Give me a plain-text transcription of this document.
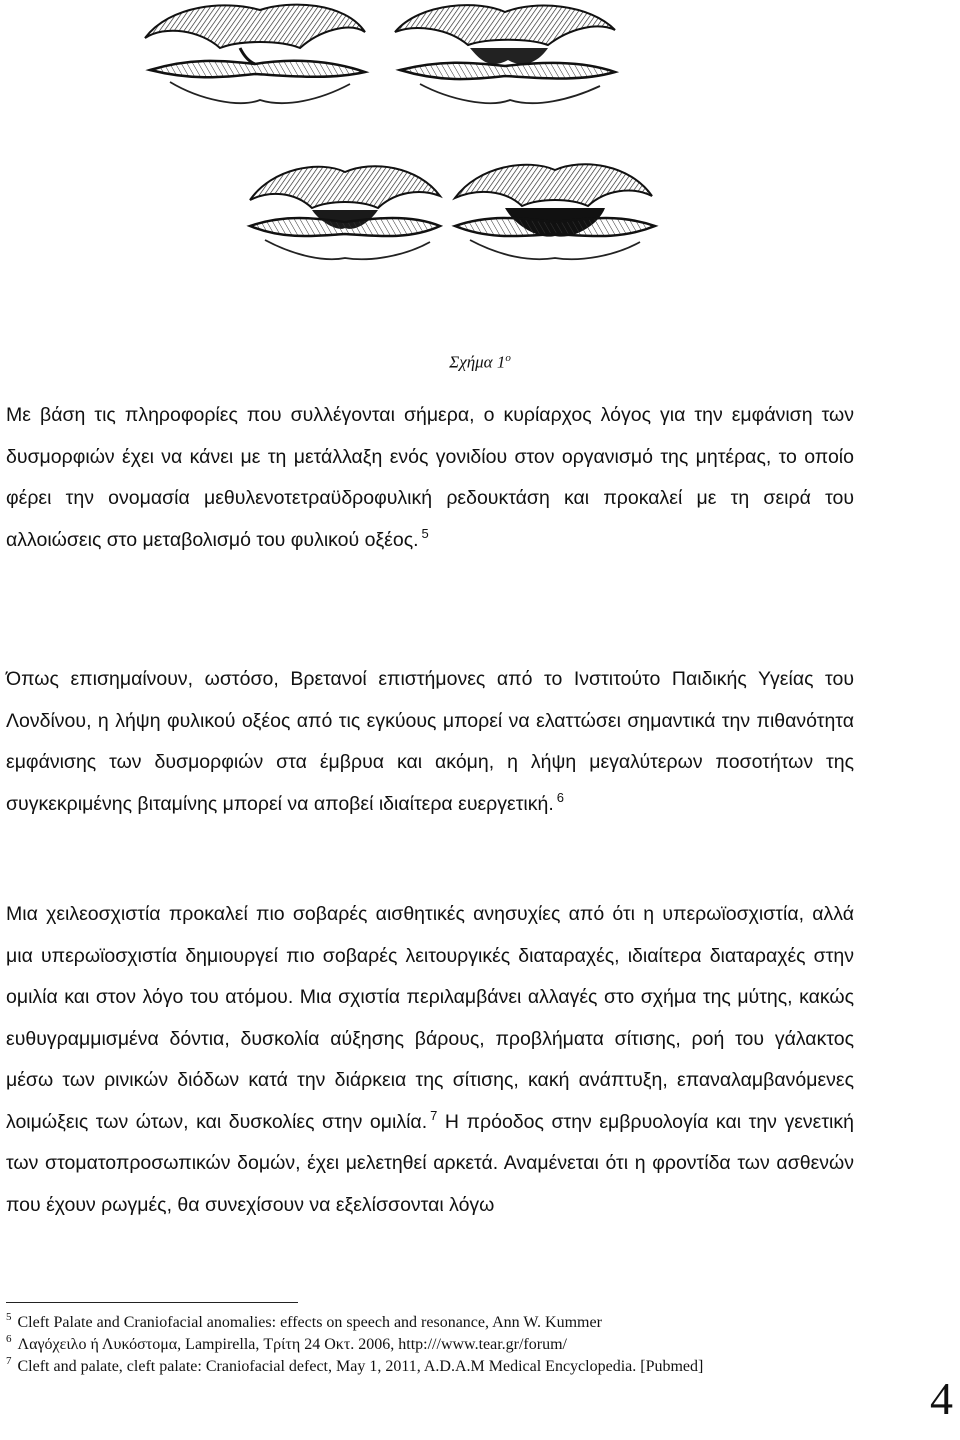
Σχήμα $1^o$

Με βάση τις πληροφορίες που συλλέγονται σήμερα, ο κυρίαρχος λόγος για την εμφάνιση των δυσμορφιών έχει να κάνει με τη μετάλλαξη ενός γονιδίου στον οργανισμό της μητέρας, το οποίο φέρει την ονομασία μεθυλενοτετραϋδροφυλική ρεδουκτάση και προκαλεί με τη σειρά του αλλοιώσεις στο μεταβολισμό του φυλικού οξέος. $^5$

Όπως επισημαίνουν, ωστόσο, Βρετανοί επιστήμονες από το Ινστιτούτο Παιδικής Υγείας του Λονδίνου, η λήψη φυλικού οξέος από τις εγκύους μπορεί να ελαττώσει σημαντικά την πιθανότητα εμφάνισης των δυσμορφιών στα έμβρυα και ακόμη, η λήψη μεγαλύτερων ποσοτήτων της συγκεκριμένης βιταμίνης μπορεί να αποβεί ιδιαίτερα ευεργετική. $^6$

Μια χειλεοσχιστία προκαλεί πιο σοβαρές αισθητικές ανησυχίες από ότι η υπερωϊοσχιστία, αλλά μια υπερωϊοσχιστία δημιουργεί πιο σοβαρές λειτουργικές διαταραχές, ιδιαίτερα διαταραχές στην ομιλία και στον λόγο του ατόμου. Μια σχιστία περιλαμβάνει αλλαγές στο σχήμα της μύτης, κακώς ευθυγραμμισμένα δόντια, δυσκολία αύξησης βάρους, προβλήματα σίτισης, ροή του γάλακτος μέσω των ρινικών διόδων κατά την διάρκεια της σίτισης, κακή ανάπτυξη, επαναλαμβανόμενες λοιμώξεις των ώτων, και δυσκολίες στην ομιλία. $^7$ Η πρόοδος στην εμβρυολογία και την γενετική των στοματοπροσωπικών δομών, έχει μελετηθεί αρκετά. Αναμένεται ότι η φροντίδα των ασθενών που έχουν ρωγμές, θα συνεχίσουν να εξελίσσονται λόγω

$^5$ Cleft Palate and Craniofacial anomalies: effects on speech and resonance, Ann W. Kummer
$^6$ Λαγόχειλο ή Λυκόστομα, Lampirella, Τρίτη 24 Οκτ. 2006, http:///www.tear.gr/forum/
$^7$ Cleft and palate, cleft palate: Craniofacial defect, May 1, 2011, A.D.A.M Medical Encyclopedia. [Pubmed]
4
